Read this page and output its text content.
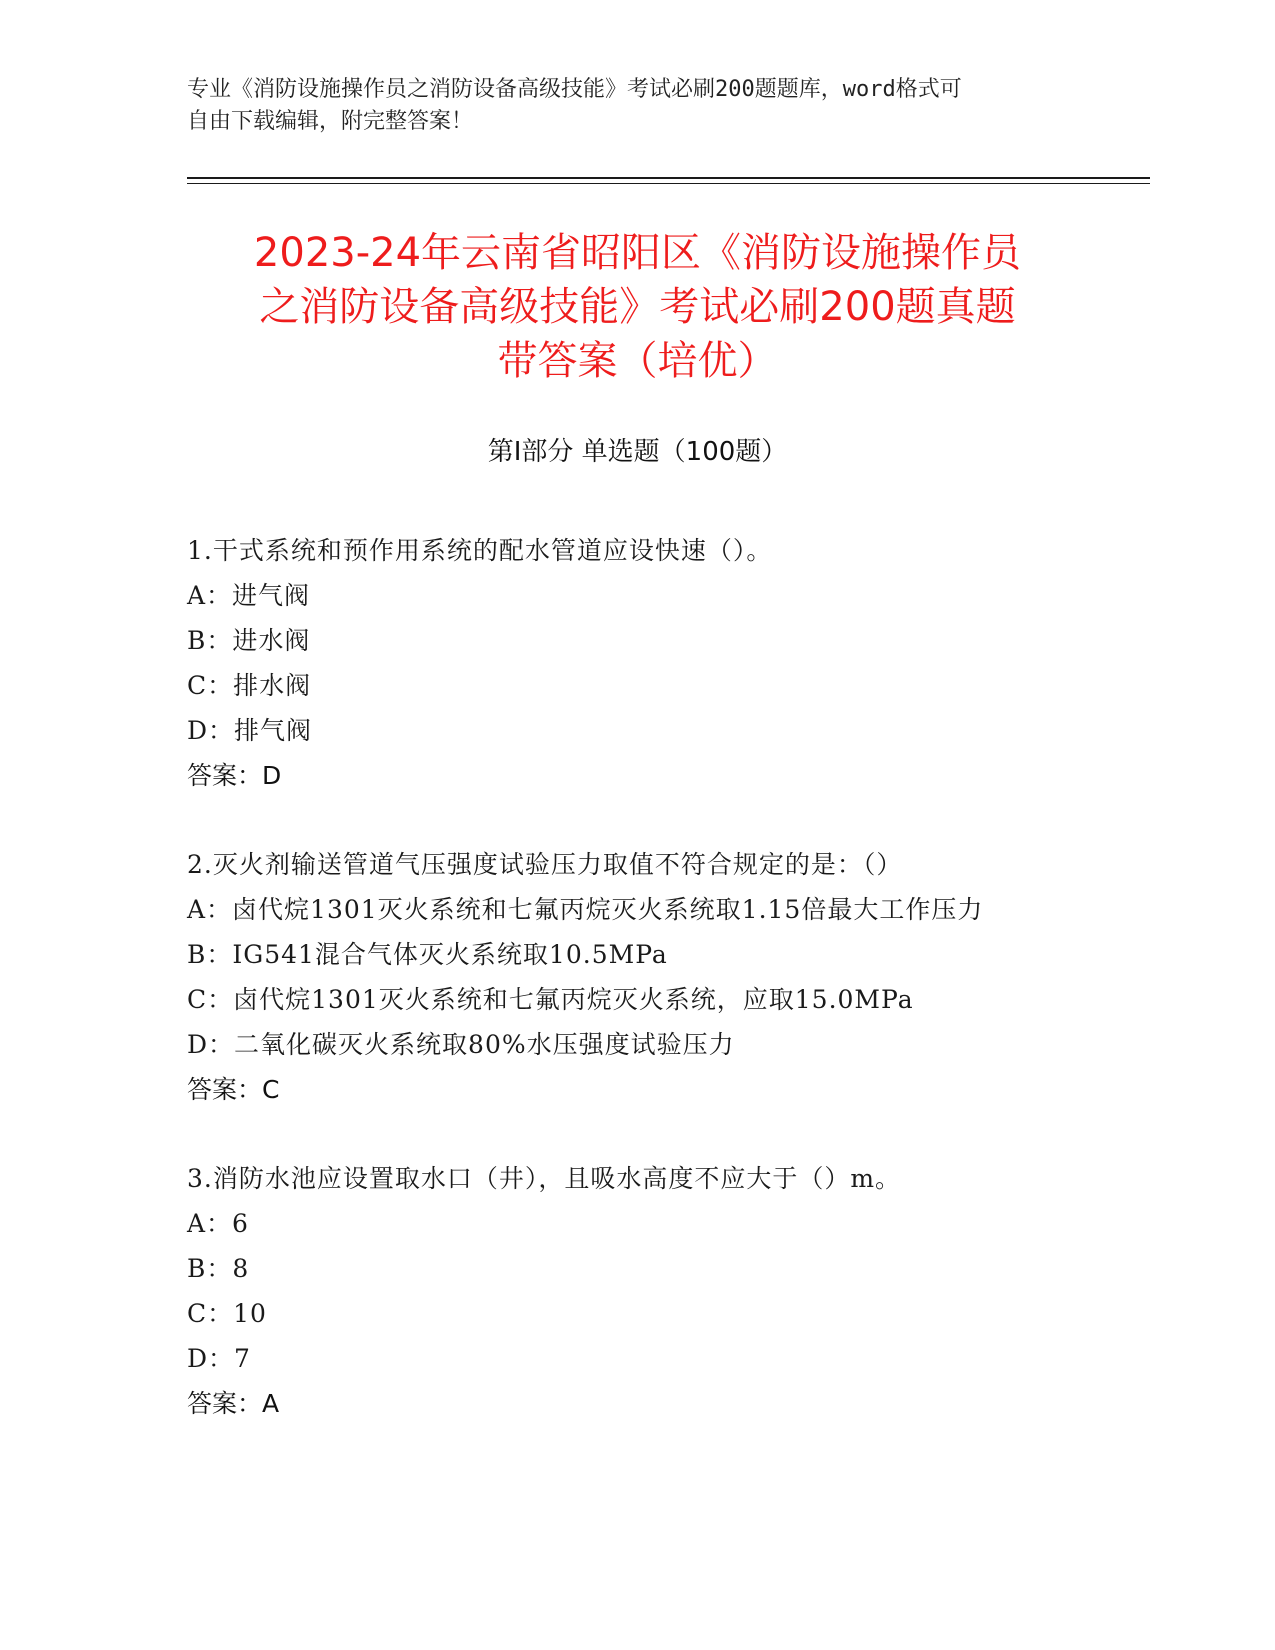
专业《消防设施操作员之消防设备高级技能》考试必刷200题题库，word格式可
自由下载编辑，附完整答案！
2023-24年云南省昭阳区《消防设施操作员
之消防设备高级技能》考试必刷200题真题
带答案（培优）
第Ⅰ部分 单选题（100题）
1.干式系统和预作用系统的配水管道应设快速（）。
A：进气阀
B：进水阀
C：排水阀
D：排气阀
答案：D
2.灭火剂输送管道气压强度试验压力取值不符合规定的是：（）
A：卤代烷1301灭火系统和七氟丙烷灭火系统取1.15倍最大工作压力
B：IG541混合气体灭火系统取10.5MPa
C：卤代烷1301灭火系统和七氟丙烷灭火系统，应取15.0MPa
D：二氧化碳灭火系统取80%水压强度试验压力
答案：C
3.消防水池应设置取水口（井），且吸水高度不应大于（）m。
A：6
B：8
C：10
D：7
答案：A
